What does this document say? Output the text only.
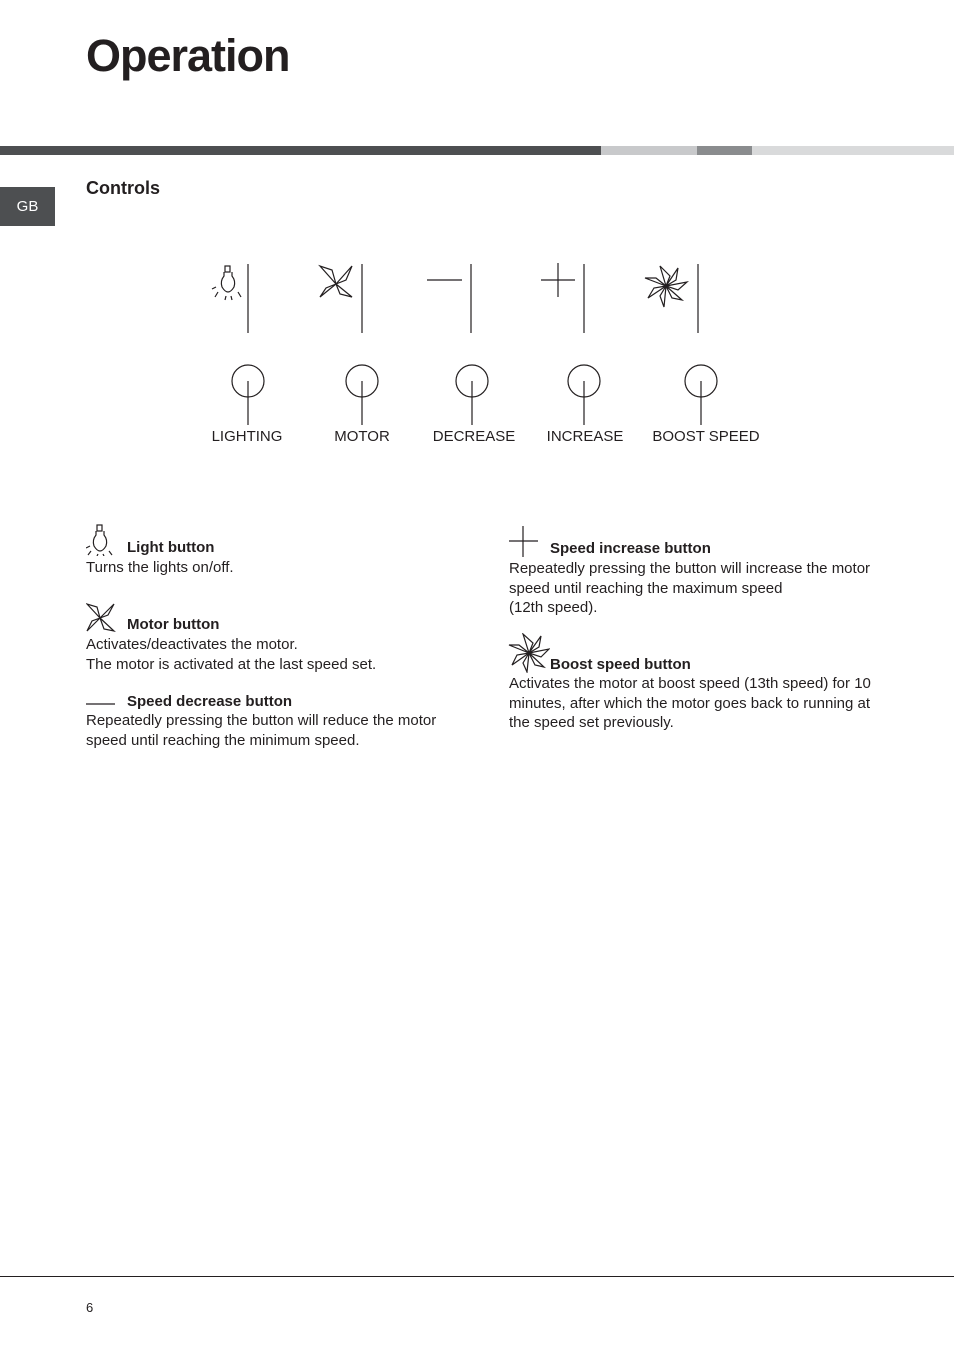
Operation
GB
Controls
LIGHTING	MOTOR	DECREASE INCREASE BOOST SPEED
Light button

Turns the lights on/off.

Motor button

Activates/deactivates the motor.
The motor is activated at the last speed set.

Speed decrease button

Repeatedly pressing the button will reduce the motor
speed until reaching the minimum speed.

Speed increase button

Repeatedly pressing the button will increase the motor
speed until reaching the maximum speed
(12th speed).

Boost speed button

Activates the motor at boost speed (13th speed) for 10
minutes, after which the motor goes back to running at
the speed set previously.

6
